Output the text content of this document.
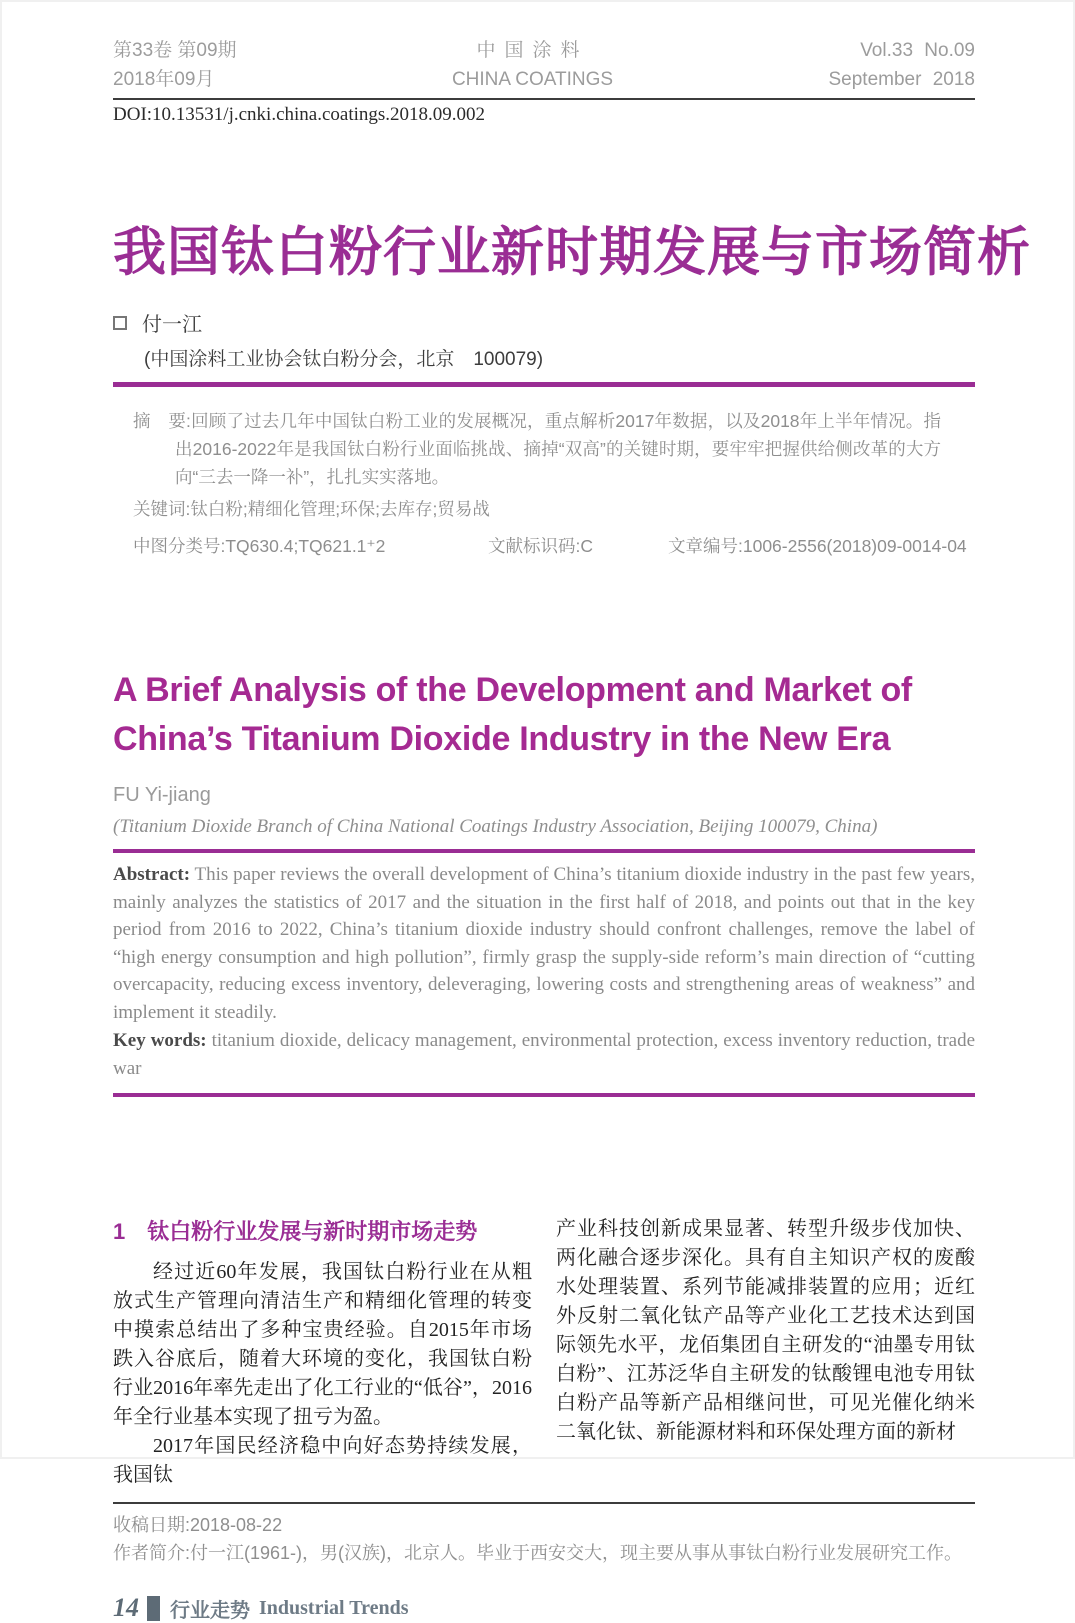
第33卷 第09期
2018年09月
中国涂料
CHINA COATINGS
Vol.33 No.09
September 2018
DOI:10.13531/j.cnki.china.coatings.2018.09.002
我国钛白粉行业新时期发展与市场简析
付一江
(中国涂料工业协会钛白粉分会，北京　100079)
摘　要:回顾了过去几年中国钛白粉工业的发展概况，重点解析2017年数据，以及2018年上半年情况。指出2016-2022年是我国钛白粉行业面临挑战、摘掉“双高”的关键时期，要牢牢把握供给侧改革的大方向“三去一降一补”，扎扎实实落地。
关键词:钛白粉;精细化管理;环保;去库存;贸易战
中图分类号:TQ630.4;TQ621.1⁺2	文献标识码:C	文章编号:1006-2556(2018)09-0014-04
A Brief Analysis of the Development and Market of China’s Titanium Dioxide Industry in the New Era
FU Yi-jiang
(Titanium Dioxide Branch of China National Coatings Industry Association, Beijing 100079, China)
Abstract: This paper reviews the overall development of China’s titanium dioxide industry in the past few years, mainly analyzes the statistics of 2017 and the situation in the first half of 2018, and points out that in the key period from 2016 to 2022, China’s titanium dioxide industry should confront challenges, remove the label of “high energy consumption and high pollution”, firmly grasp the supply-side reform’s main direction of “cutting overcapacity, reducing excess inventory, deleveraging, lowering costs and strengthening areas of weakness” and implement it steadily.
Key words: titanium dioxide, delicacy management, environmental protection, excess inventory reduction, trade war
1 钛白粉行业发展与新时期市场走势

经过近60年发展，我国钛白粉行业在从粗放式生产管理向清洁生产和精细化管理的转变中摸索总结出了多种宝贵经验。自2015年市场跌入谷底后，随着大环境的变化，我国钛白粉行业2016年率先走出了化工行业的“低谷”，2016年全行业基本实现了扭亏为盈。

2017年国民经济稳中向好态势持续发展，我国钛

产业科技创新成果显著、转型升级步伐加快、两化融合逐步深化。具有自主知识产权的废酸水处理装置、系列节能减排装置的应用；近红外反射二氧化钛产品等产业化工艺技术达到国际领先水平，龙佰集团自主研发的“油墨专用钛白粉”、江苏泛华自主研发的钛酸锂电池专用钛白粉产品等新产品相继问世，可见光催化纳米二氧化钛、新能源材料和环保处理方面的新材

收稿日期:2018-08-22
作者简介:付一江(1961-)，男(汉族)，北京人。毕业于西安交大，现主要从事从事钛白粉行业发展研究工作。
14 行业走势 Industrial Trends
